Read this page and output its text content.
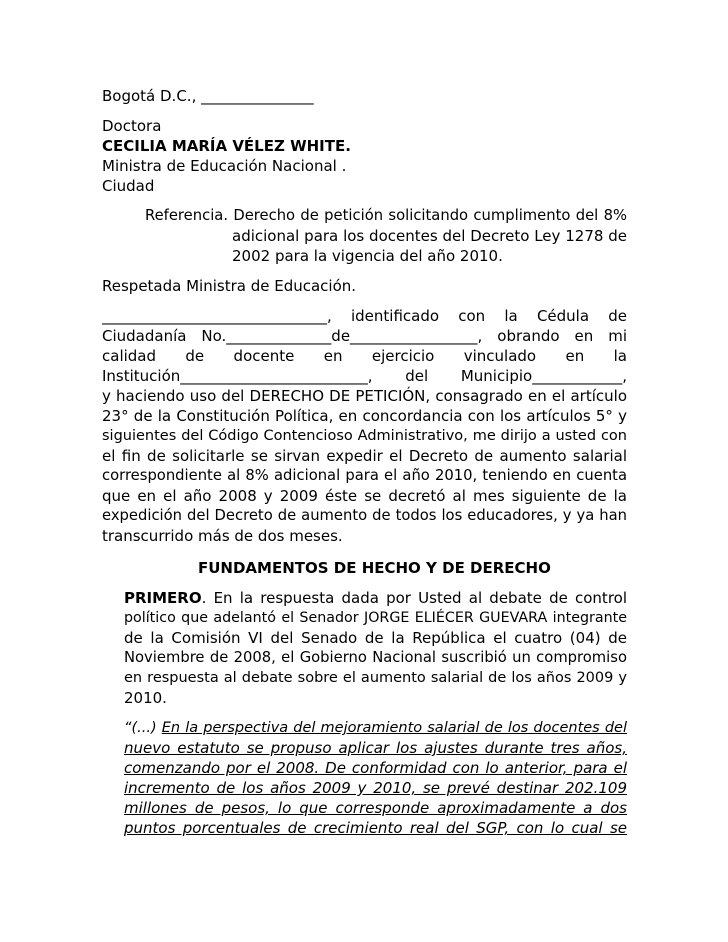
Bogotá D.C., _______________
Doctora
CECILIA MARÍA VÉLEZ WHITE.
Ministra de Educación Nacional .
Ciudad
Referencia. Derecho de petición solicitando cumplimento del 8%
adicional para los docentes del Decreto Ley 1278 de
2002 para la vigencia del año 2010.
Respetada Ministra de Educación.
______________________________, identificado con la Cédula de
Ciudadanía No.______________de_________________, obrando en mi
calidad de docente en ejercicio vinculado en la
Institución_________________________, del Municipio____________,
y haciendo uso del DERECHO DE PETICIÓN, consagrado en el artículo
23° de la Constitución Política, en concordancia con los artículos 5° y
siguientes del Código Contencioso Administrativo, me dirijo a usted con
el fin de solicitarle se sirvan expedir el Decreto de aumento salarial
correspondiente al 8% adicional para el año 2010, teniendo en cuenta
que en el año 2008 y 2009 éste se decretó al mes siguiente de la
expedición del Decreto de aumento de todos los educadores, y ya han
transcurrido más de dos meses.
FUNDAMENTOS DE HECHO Y DE DERECHO
PRIMERO. En la respuesta dada por Usted al debate de control
político que adelantó el Senador JORGE ELIÉCER GUEVARA integrante
de la Comisión VI del Senado de la República el cuatro (04) de
Noviembre de 2008, el Gobierno Nacional suscribió un compromiso
en respuesta al debate sobre el aumento salarial de los años 2009 y
2010.
“(...) En la perspectiva del mejoramiento salarial de los docentes del
nuevo estatuto se propuso aplicar los ajustes durante tres años,
comenzando por el 2008. De conformidad con lo anterior, para el
incremento de los años 2009 y 2010, se prevé destinar 202.109
millones de pesos, lo que corresponde aproximadamente a dos
puntos porcentuales de crecimiento real del SGP, con lo cual se
